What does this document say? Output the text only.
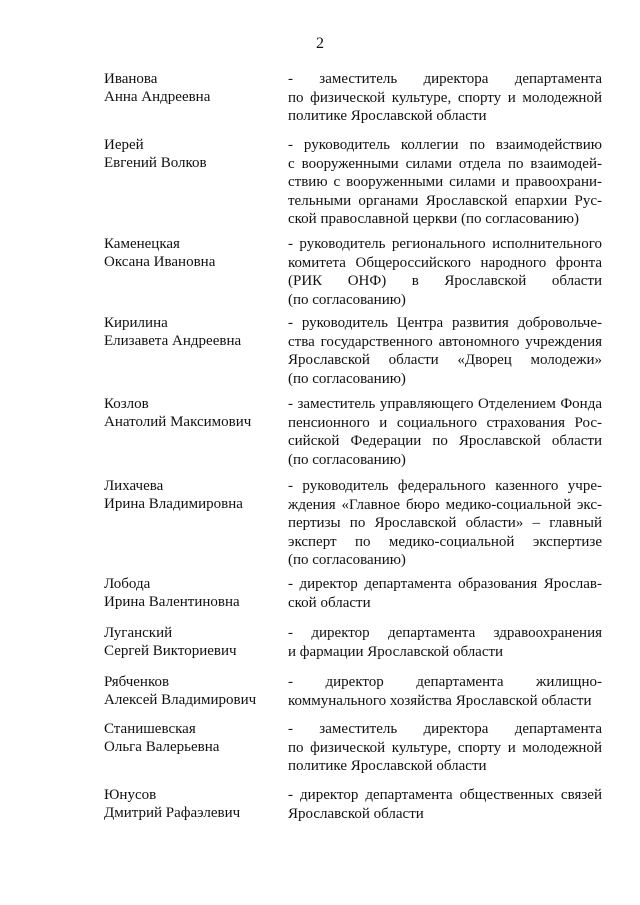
2
Иванова
Анна Андреевна
- заместитель директора департамента
по физической культуре, спорту и молодежной
политике Ярославской области
Иерей
Евгений Волков
- руководитель коллегии по взаимодействию
с вооруженными силами отдела по взаимодей-
ствию с вооруженными силами и правоохрани-
тельными органами Ярославской епархии Рус-
ской православной церкви (по согласованию)
Каменецкая
Оксана Ивановна
- руководитель регионального исполнительного
комитета Общероссийского народного фронта
(РИК ОНФ) в Ярославской области
(по согласованию)
Кирилина
Елизавета Андреевна
- руководитель Центра развития добровольче-
ства государственного автономного учреждения
Ярославской области «Дворец молодежи»
(по согласованию)
Козлов
Анатолий Максимович
- заместитель управляющего Отделением Фонда
пенсионного и социального страхования Рос-
сийской Федерации по Ярославской области
(по согласованию)
Лихачева
Ирина Владимировна
- руководитель федерального казенного учре-
ждения «Главное бюро медико-социальной экс-
пертизы по Ярославской области» – главный
эксперт по медико-социальной экспертизе
(по согласованию)
Лобода
Ирина Валентиновна
- директор департамента образования Ярослав-
ской области
Луганский
Сергей Викториевич
- директор департамента здравоохранения
и фармации Ярославской области
Рябченков
Алексей Владимирович
- директор департамента жилищно-
коммунального хозяйства Ярославской области
Станишевская
Ольга Валерьевна
- заместитель директора департамента
по физической культуре, спорту и молодежной
политике Ярославской области
Юнусов
Дмитрий Рафаэлевич
- директор департамента общественных связей
Ярославской области
